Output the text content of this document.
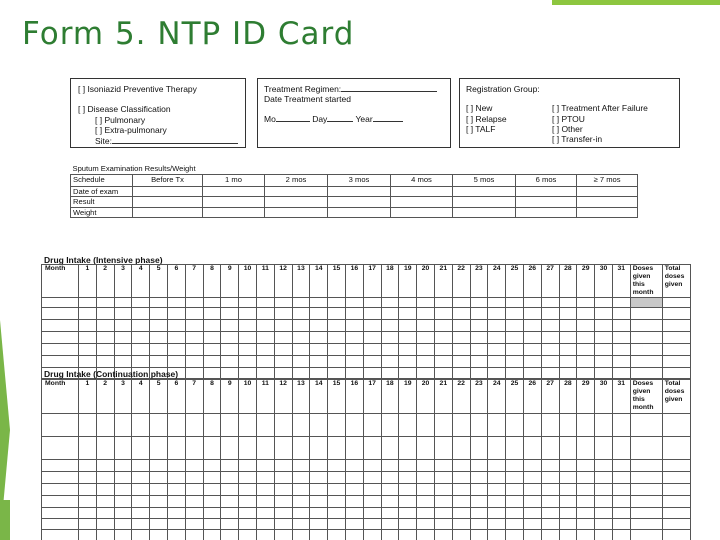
Form 5. NTP ID Card
[ ] Isoniazid Preventive Therapy
[ ] Disease Classification
[ ] Pulmonary
[ ] Extra-pulmonary
Site:
Treatment Regimen:
Date Treatment started
Mo	Day	Year
Registration Group:
[ ] New
[ ] Relapse
[ ] TALF
[ ] Treatment After Failure
[ ] PTOU
[ ] Other
[ ] Transfer-in
Sputum Examination Results/Weight								
Schedule	Before Tx	1 mo	2 mos	3 mos	4 mos	5 mos	6 mos	≥ 7 mos
Date of exam								
Result								
Weight								
Drug Intake (Intensive phase)
Month	1	2	3	4	5	6	7	8	9	10	11	12	13	14	15	16	17	18	19	20	21	22	23	24	25	26	27	28	29	30	31	Doses given this month	Total doses given

Drug Intake (Continuation phase)
Month	1	2	3	4	5	6	7	8	9	10	11	12	13	14	15	16	17	18	19	20	21	22	23	24	25	26	27	28	29	30	31	Doses given this month	Total doses given
